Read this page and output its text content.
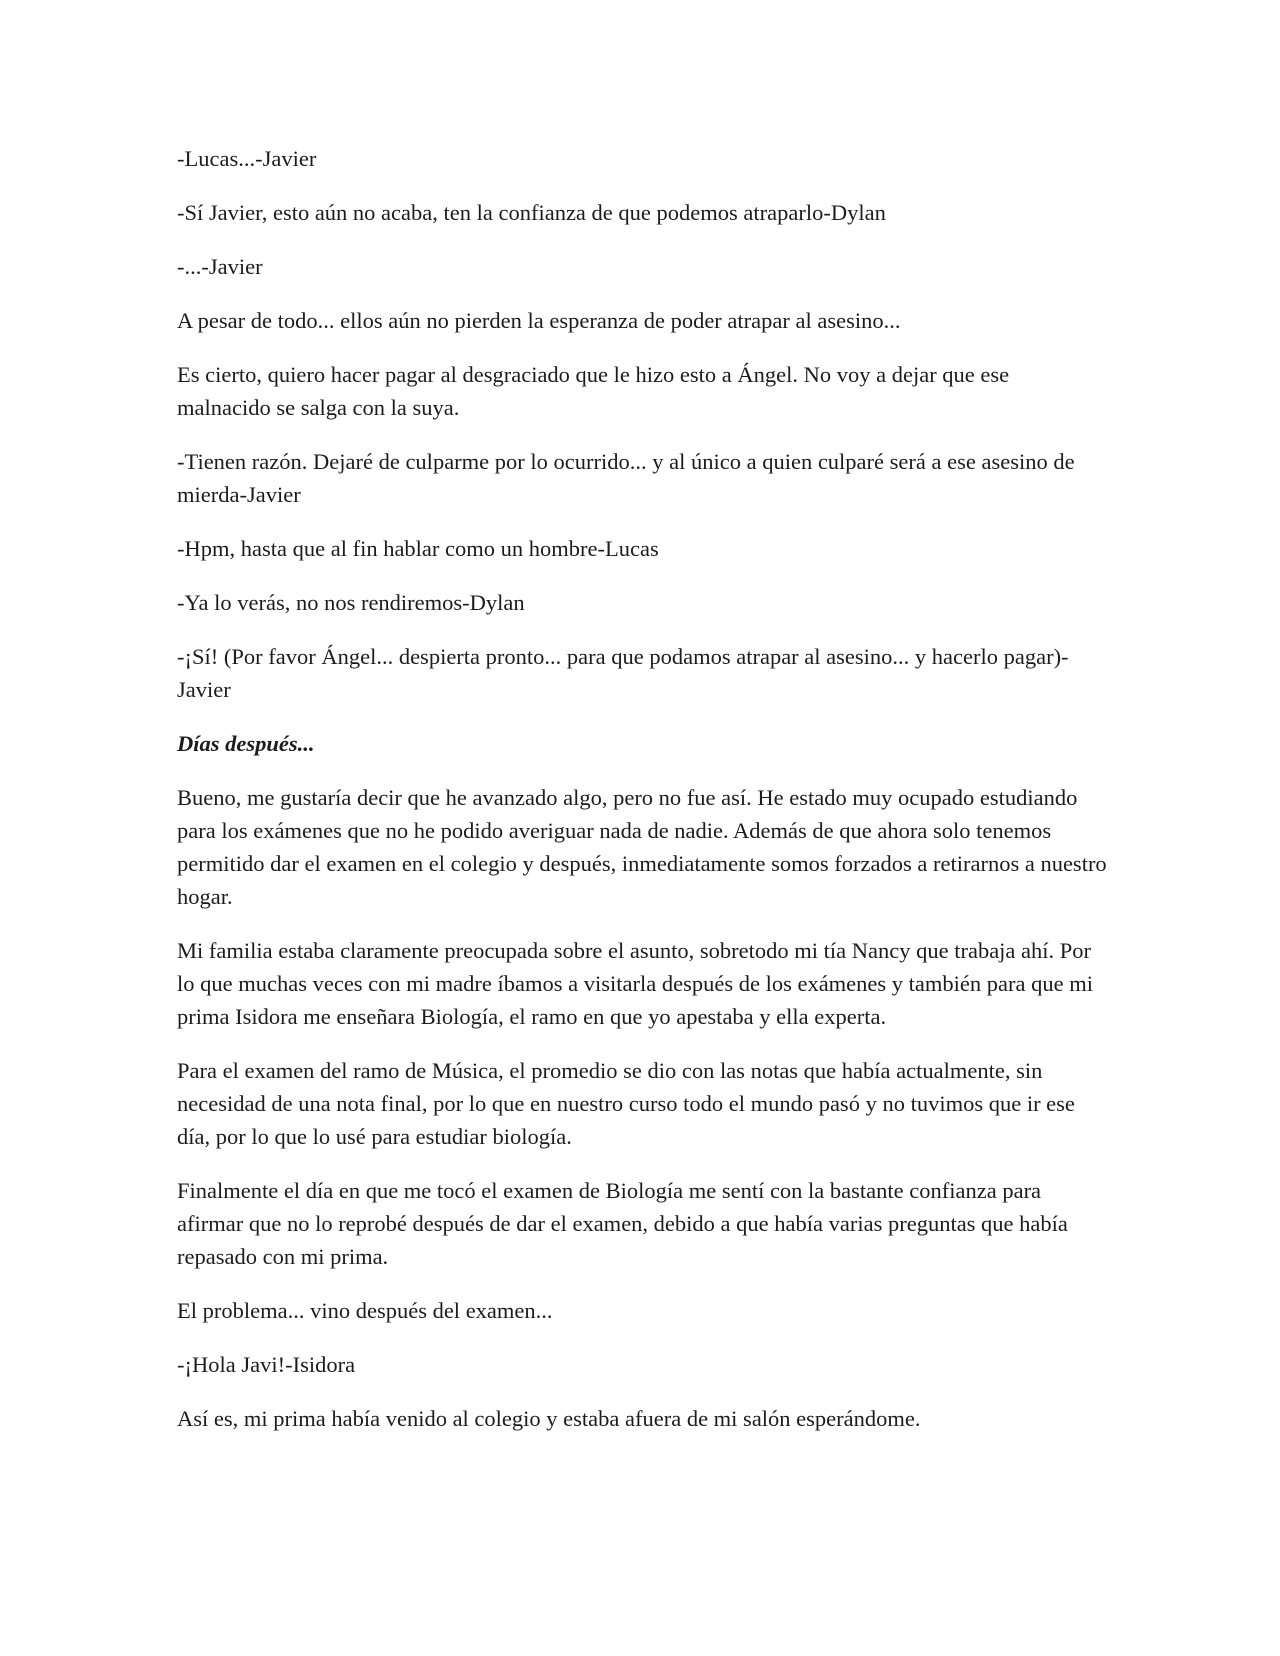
-Lucas...-Javier

-Sí Javier, esto aún no acaba, ten la confianza de que podemos atraparlo-Dylan

-...-Javier

A pesar de todo... ellos aún no pierden la esperanza de poder atrapar al asesino...

Es cierto, quiero hacer pagar al desgraciado que le hizo esto a Ángel. No voy a dejar que ese malnacido se salga con la suya.

-Tienen razón. Dejaré de culparme por lo ocurrido... y al único a quien culparé será a ese asesino de mierda-Javier

-Hpm, hasta que al fin hablar como un hombre-Lucas

-Ya lo verás, no nos rendiremos-Dylan

-¡Sí! (Por favor Ángel... despierta pronto... para que podamos atrapar al asesino... y hacerlo pagar)-Javier

Días después...

Bueno, me gustaría decir que he avanzado algo, pero no fue así. He estado muy ocupado estudiando para los exámenes que no he podido averiguar nada de nadie. Además de que ahora solo tenemos permitido dar el examen en el colegio y después, inmediatamente somos forzados a retirarnos a nuestro hogar.

Mi familia estaba claramente preocupada sobre el asunto, sobretodo mi tía Nancy que trabaja ahí. Por lo que muchas veces con mi madre íbamos a visitarla después de los exámenes y también para que mi prima Isidora me enseñara Biología, el ramo en que yo apestaba y ella experta.

Para el examen del ramo de Música, el promedio se dio con las notas que había actualmente, sin necesidad de una nota final, por lo que en nuestro curso todo el mundo pasó y no tuvimos que ir ese día, por lo que lo usé para estudiar biología.

Finalmente el día en que me tocó el examen de Biología me sentí con la bastante confianza para afirmar que no lo reprobé después de dar el examen, debido a que había varias preguntas que había repasado con mi prima.

El problema... vino después del examen...

-¡Hola Javi!-Isidora

Así es, mi prima había venido al colegio y estaba afuera de mi salón esperándome.
